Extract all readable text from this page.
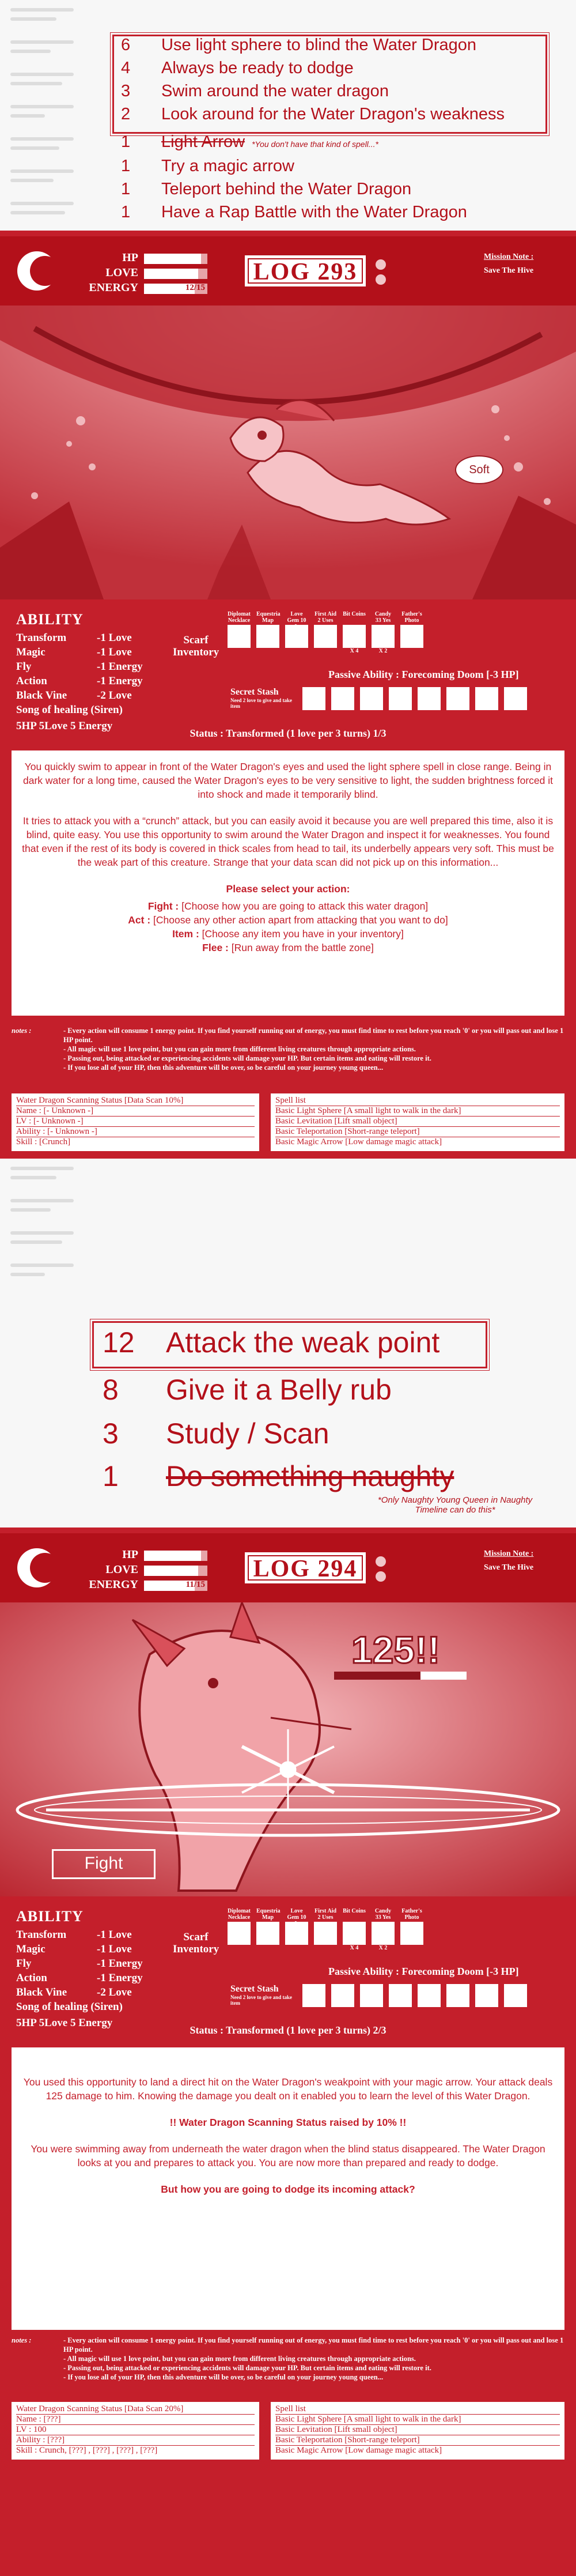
6	Use light sphere to blind the Water Dragon
4	Always be ready to dodge
3	Swim around the water dragon
2	Look around for the Water Dragon's weakness
1	Light Arrow *You don't have that kind of spell...*
1	Try a magic arrow
1	Teleport behind the Water Dragon
1	Have a Rap Battle with the Water Dragon
HP
LOVE
ENERGY	12/15
LOG 293
Mission Note :
Save The Hive
Soft
ABILITY
Transform	-1 Love
Magic	-1 Love
Fly	-1 Energy
Action	-1 Energy
Black Vine	-2 Love
Song of healing (Siren)
5HP 5Love 5 Energy
Scarf Inventory
Diplomat Necklace
Equestria Map
Love Gem 10
First Aid 2 Uses
Bit Coins
X 4
Candy 33 Yes
X 2
Father's Photo
Passive Ability : Forecoming Doom [-3 HP]
Secret Stash
Need 2 love to give and take item
Status : Transformed (1 love per 3 turns) 1/3

You quickly swim to appear in front of the Water Dragon's eyes and used the light sphere spell in close range. Being in dark water for a long time, caused the Water Dragon's eyes to be very sensitive to light, the sudden brightness forced it into shock and made it temporarily blind.

It tries to attack you with a “crunch” attack, but you can easily avoid it because you are well prepared this time, also it is blind, quite easy. You use this opportunity to swim around the Water Dragon and inspect it for weaknesses. You found that even if the rest of its body is covered in thick scales from head to tail, its underbelly appears very soft. This must be the weak part of this creature. Strange that your data scan did not pick up on this information...

Please select your action:

Fight : [Choose how you are going to attack this water dragon]
Act : [Choose any other action apart from attacking that you want to do]
Item : [Choose any item you have in your inventory]
Flee : [Run away from the battle zone]
notes :	- Every action will consume 1 energy point. If you find yourself running out of energy, you must find time to rest before you reach '0' or you will pass out and lose 1 HP point.
- All magic will use 1 love point, but you can gain more from different living creatures through appropriate actions.
- Passing out, being attacked or experiencing accidents will damage your HP. But certain items and eating will restore it.
- If you lose all of your HP, then this adventure will be over, so be careful on your journey young queen...
Water Dragon Scanning Status [Data Scan 10%]
Name : [- Unknown -]
LV : [- Unknown -]
Ability : [- Unknown -]
Skill : [Crunch]
Spell list
Basic Light Sphere [A small light to walk in the dark]
Basic Levitation [Lift small object]
Basic Teleportation [Short-range teleport]
Basic Magic Arrow [Low damage magic attack]
12	Attack the weak point
8	Give it a Belly rub
3	Study / Scan
1	Do something naughty
*Only Naughty Young Queen in Naughty Timeline can do this*
HP
LOVE
ENERGY	11/15
LOG 294
Mission Note :
Save The Hive
125!!
Fight
ABILITY
Transform	-1 Love
Magic	-1 Love
Fly	-1 Energy
Action	-1 Energy
Black Vine	-2 Love
Song of healing (Siren)
5HP 5Love 5 Energy
Scarf Inventory
Diplomat Necklace
Equestria Map
Love Gem 10
First Aid 2 Uses
Bit Coins
X 4
Candy 33 Yes
X 2
Father's Photo
Passive Ability : Forecoming Doom [-3 HP]
Secret Stash
Need 2 love to give and take item
Status : Transformed (1 love per 3 turns) 2/3

You used this opportunity to land a direct hit on the Water Dragon's weakpoint with your magic arrow. Your attack deals 125 damage to him. Knowing the damage you dealt on it enabled you to learn the level of this Water Dragon.

!! Water Dragon Scanning Status raised by 10% !!

You were swimming away from underneath the water dragon when the blind status disappeared. The Water Dragon looks at you and prepares to attack you. You are now more than prepared and ready to dodge.

But how you are going to dodge its incoming attack?

notes :	- Every action will consume 1 energy point. If you find yourself running out of energy, you must find time to rest before you reach '0' or you will pass out and lose 1 HP point.
- All magic will use 1 love point, but you can gain more from different living creatures through appropriate actions.
- Passing out, being attacked or experiencing accidents will damage your HP. But certain items and eating will restore it.
- If you lose all of your HP, then this adventure will be over, so be careful on your journey young queen...
Water Dragon Scanning Status [Data Scan 20%]
Name : [???]
LV : 100
Ability : [???]
Skill : Crunch, [???] , [???] , [???] , [???]
Spell list
Basic Light Sphere [A small light to walk in the dark]
Basic Levitation [Lift small object]
Basic Teleportation [Short-range teleport]
Basic Magic Arrow [Low damage magic attack]
